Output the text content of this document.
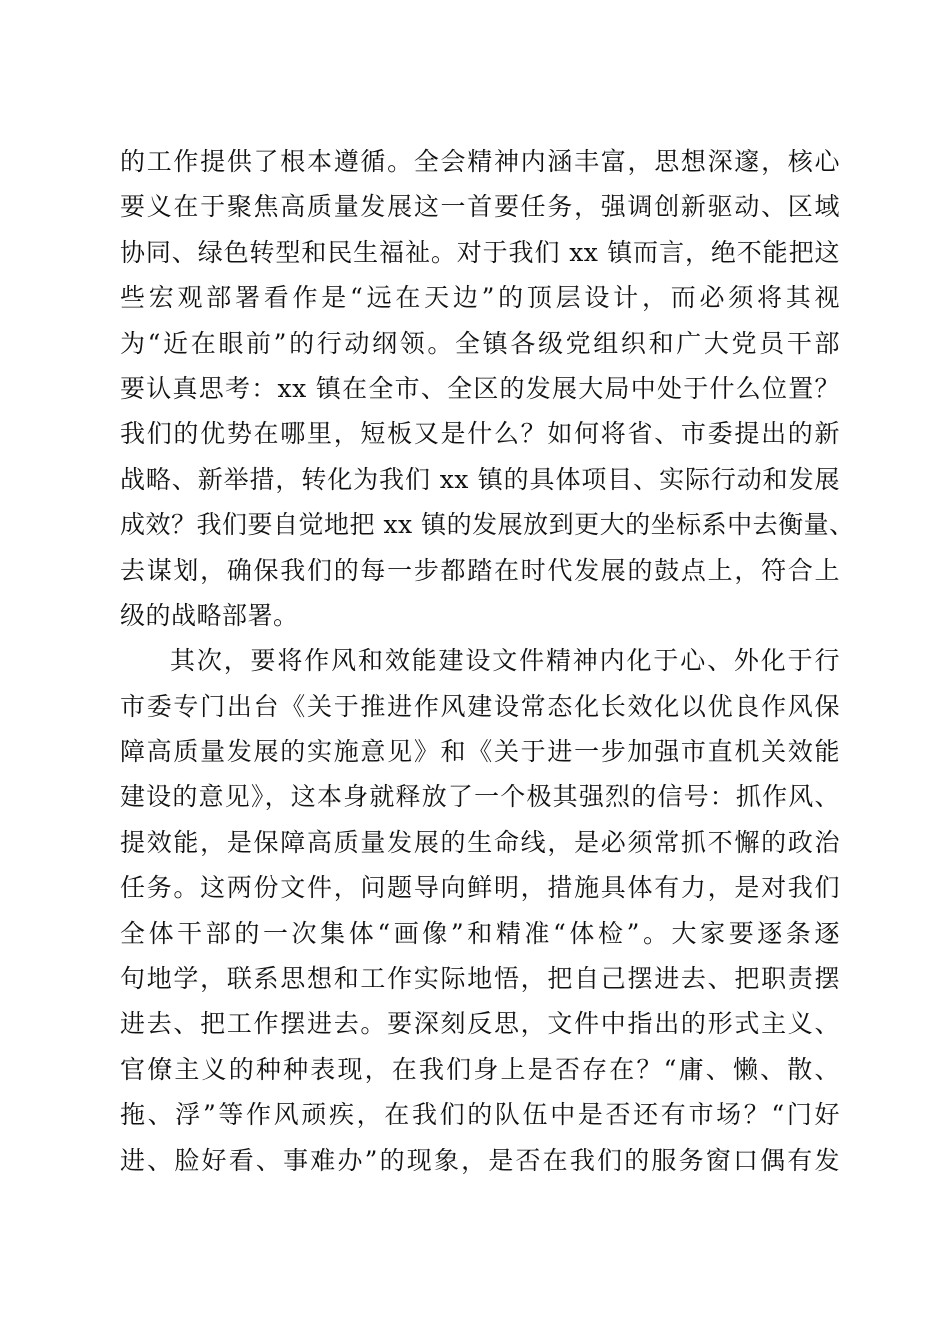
的工作提供了根本遵循。全会精神内涵丰富，思想深邃，核心
要义在于聚焦高质量发展这一首要任务，强调创新驱动、区域
协同、绿色转型和民生福祉。对于我们 xx 镇而言，绝不能把这
些宏观部署看作是“远在天边”的顶层设计，而必须将其视
为“近在眼前”的行动纲领。全镇各级党组织和广大党员干部
要认真思考：xx 镇在全市、全区的发展大局中处于什么位置？
我们的优势在哪里，短板又是什么？如何将省、市委提出的新
战略、新举措，转化为我们 xx 镇的具体项目、实际行动和发展
成效？我们要自觉地把 xx 镇的发展放到更大的坐标系中去衡量、
去谋划，确保我们的每一步都踏在时代发展的鼓点上，符合上
级的战略部署。
其次，要将作风和效能建设文件精神内化于心、外化于行
市委专门出台《关于推进作风建设常态化长效化以优良作风保
障高质量发展的实施意见》和《关于进一步加强市直机关效能
建设的意见》，这本身就释放了一个极其强烈的信号：抓作风、
提效能，是保障高质量发展的生命线，是必须常抓不懈的政治
任务。这两份文件，问题导向鲜明，措施具体有力，是对我们
全体干部的一次集体“画像”和精准“体检”。大家要逐条逐
句地学，联系思想和工作实际地悟，把自己摆进去、把职责摆
进去、把工作摆进去。要深刻反思，文件中指出的形式主义、
官僚主义的种种表现，在我们身上是否存在？“庸、懒、散、
拖、浮”等作风顽疾，在我们的队伍中是否还有市场？“门好
进、脸好看、事难办”的现象，是否在我们的服务窗口偶有发
